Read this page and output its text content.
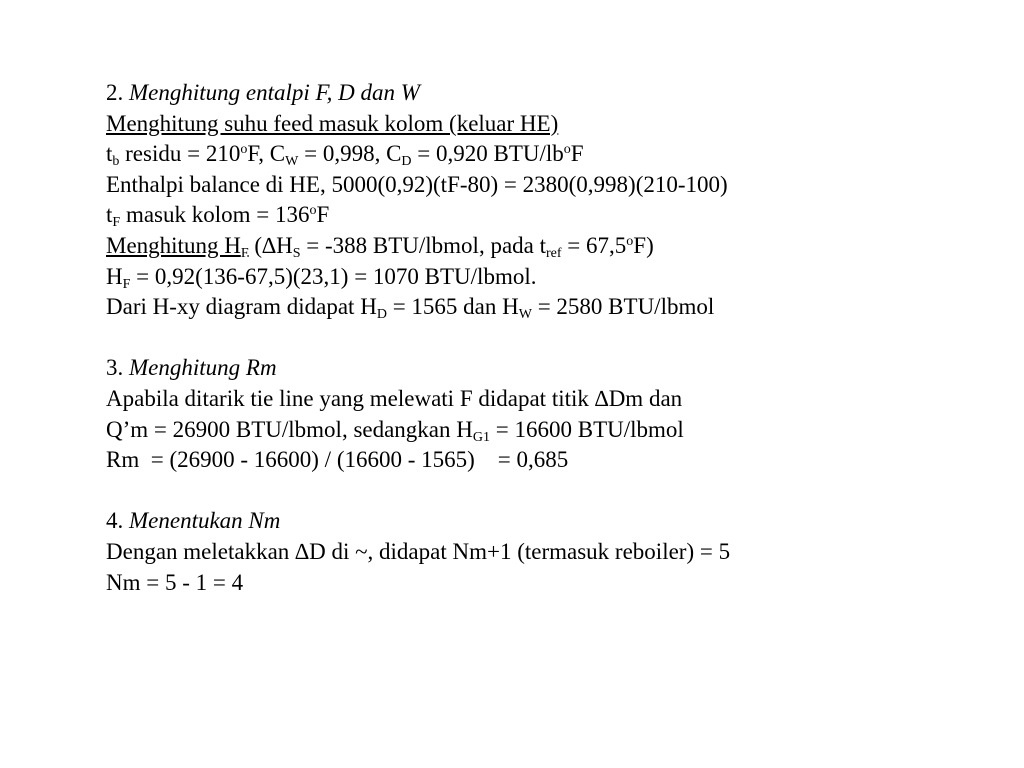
2. Menghitung entalpi F, D dan W
Menghitung suhu feed masuk kolom (keluar HE)
$t_b$ residu = $210^oF$, $C_W = 0,998$, $C_D = 0,920$ BTU/$lb^oF$
Enthalpi balance di HE, 5000(0,92)(tF-80) = 2380(0,998)(210-100)
$t_F$ masuk kolom = $136^oF$
Menghitung $H_F$ ($\Delta H_S = -388$ BTU/lbmol, pada $t_{ref} = 67,5^oF$)
$H_F = 0,92(136-67,5)(23,1) = 1070$ BTU/lbmol.
Dari H-xy diagram didapat $H_D = 1565$ dan $H_W = 2580$ BTU/lbmol
3. Menghitung Rm
Apabila ditarik tie line yang melewati F didapat titik ∆Dm dan
Q’m = 26900 BTU/lbmol, sedangkan $H_{G1} = 16600$ BTU/lbmol
Rm  = (26900 - 16600) / (16600 - 1565)    = 0,685
4. Menentukan Nm
Dengan meletakkan ∆D di ~, didapat Nm+1 (termasuk reboiler) = 5
Nm = 5 - 1 = 4
